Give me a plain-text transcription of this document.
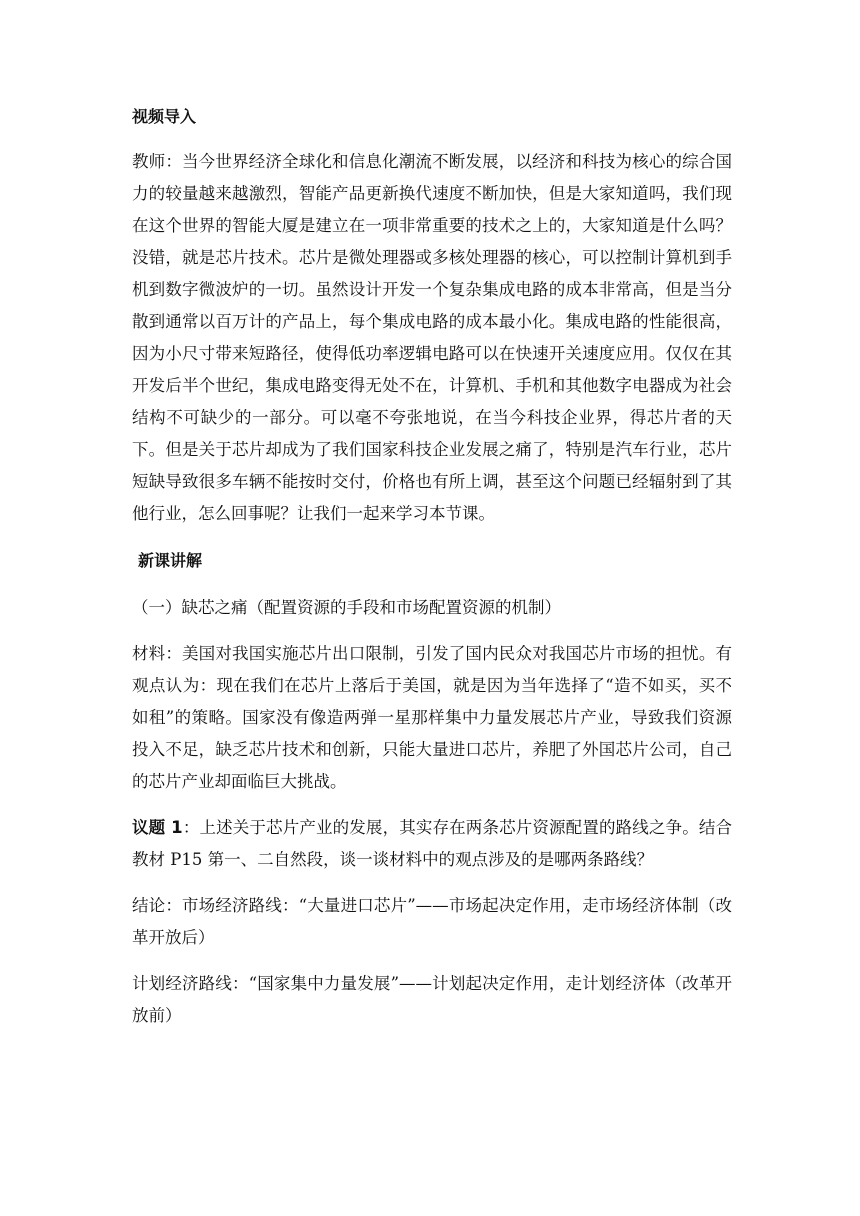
视频导入

教师：当今世界经济全球化和信息化潮流不断发展，以经济和科技为核心的综合国力的较量越来越激烈，智能产品更新换代速度不断加快，但是大家知道吗，我们现在这个世界的智能大厦是建立在一项非常重要的技术之上的，大家知道是什么吗？没错，就是芯片技术。芯片是微处理器或多核处理器的核心，可以控制计算机到手机到数字微波炉的一切。虽然设计开发一个复杂集成电路的成本非常高，但是当分散到通常以百万计的产品上，每个集成电路的成本最小化。集成电路的性能很高，因为小尺寸带来短路径，使得低功率逻辑电路可以在快速开关速度应用。仅仅在其开发后半个世纪，集成电路变得无处不在，计算机、手机和其他数字电器成为社会结构不可缺少的一部分。可以毫不夸张地说，在当今科技企业界，得芯片者的天下。但是关于芯片却成为了我们国家科技企业发展之痛了，特别是汽车行业，芯片短缺导致很多车辆不能按时交付，价格也有所上调，甚至这个问题已经辐射到了其他行业，怎么回事呢？让我们一起来学习本节课。

新课讲解

（一）缺芯之痛（配置资源的手段和市场配置资源的机制）

材料：美国对我国实施芯片出口限制，引发了国内民众对我国芯片市场的担忧。有观点认为：现在我们在芯片上落后于美国，就是因为当年选择了“造不如买，买不如租”的策略。国家没有像造两弹一星那样集中力量发展芯片产业，导致我们资源投入不足，缺乏芯片技术和创新，只能大量进口芯片，养肥了外国芯片公司，自己的芯片产业却面临巨大挑战。

议题 1：上述关于芯片产业的发展，其实存在两条芯片资源配置的路线之争。结合教材 P15 第一、二自然段，谈一谈材料中的观点涉及的是哪两条路线？

结论：市场经济路线：“大量进口芯片”——市场起决定作用，走市场经济体制（改革开放后）

计划经济路线：“国家集中力量发展”——计划起决定作用，走计划经济体（改革开放前）
